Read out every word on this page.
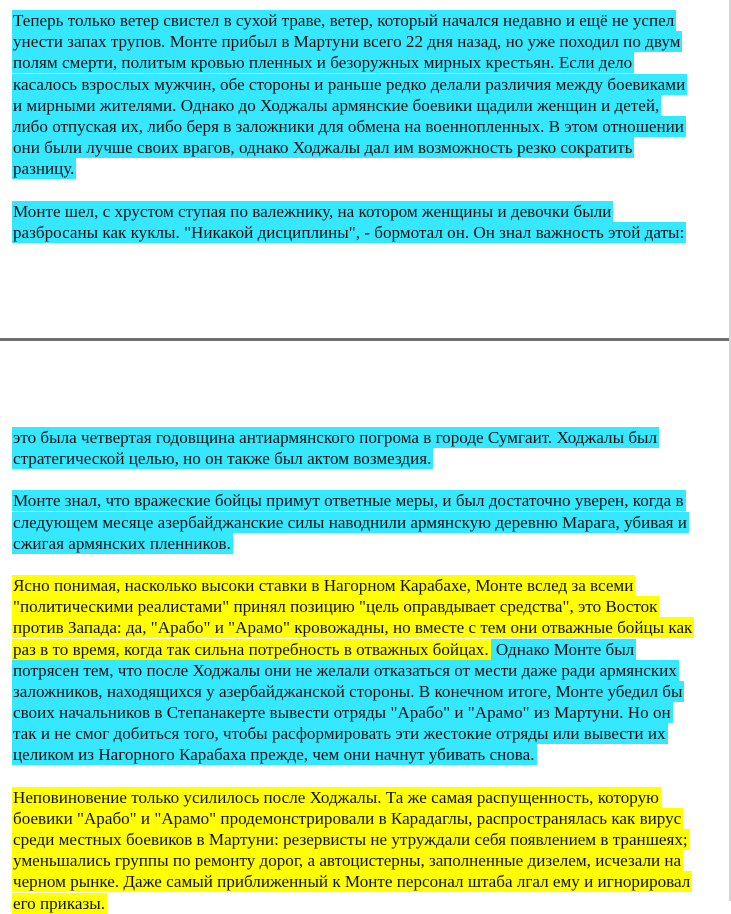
Теперь только ветер свистел в сухой траве, ветер, который начался недавно и ещё не успел
унести запах трупов. Монте прибыл в Мартуни всего 22 дня назад, но уже походил по двум
полям смерти, политым кровью пленных и безоружных мирных крестьян. Если дело
касалось взрослых мужчин, обе стороны и раньше редко делали различия между боевиками
и мирными жителями. Однако до Ходжалы армянские боевики щадили женщин и детей,
либо отпуская их, либо беря в заложники для обмена на военнопленных. В этом отношении
они были лучше своих врагов, однако Ходжалы дал им возможность резко сократить
разницу.
Монте шел, с хрустом ступая по валежнику, на котором женщины и девочки были
разбросаны как куклы. "Никакой дисциплины", - бормотал он. Он знал важность этой даты:
это была четвертая годовщина антиармянского погрома в городе Сумгаит. Ходжалы был
стратегической целью, но он также был актом возмездия.
Монте знал, что вражеские бойцы примут ответные меры, и был достаточно уверен, когда в
следующем месяце азербайджанские силы наводнили армянскую деревню Марага, убивая и
сжигая армянских пленников.
Ясно понимая, насколько высоки ставки в Нагорном Карабахе, Монте вслед за всеми
"политическими реалистами" принял позицию "цель оправдывает средства", это Восток
против Запада: да, "Арабо" и "Арамо" кровожадны, но вместе с тем они отважные бойцы как
раз в то время, когда так сильна потребность в отважных бойцах. Однако Монте был
потрясен тем, что после Ходжалы они не желали отказаться от мести даже ради армянских
заложников, находящихся у азербайджанской стороны. В конечном итоге, Монте убедил бы
своих начальников в Степанакерте вывести отряды "Арабо" и "Арамо" из Мартуни. Но он
так и не смог добиться того, чтобы расформировать эти жестокие отряды или вывести их
целиком из Нагорного Карабаха прежде, чем они начнут убивать снова.
Неповиновение только усилилось после Ходжалы. Та же самая распущенность, которую
боевики "Арабо" и "Арамо" продемонстрировали в Карадаглы, распространялась как вирус
среди местных боевиков в Мартуни: резервисты не утруждали себя появлением в траншеях;
уменьшались группы по ремонту дорог, а автоцистерны, заполненные дизелем, исчезали на
черном рынке. Даже самый приближенный к Монте персонал штаба лгал ему и игнорировал
его приказы.
